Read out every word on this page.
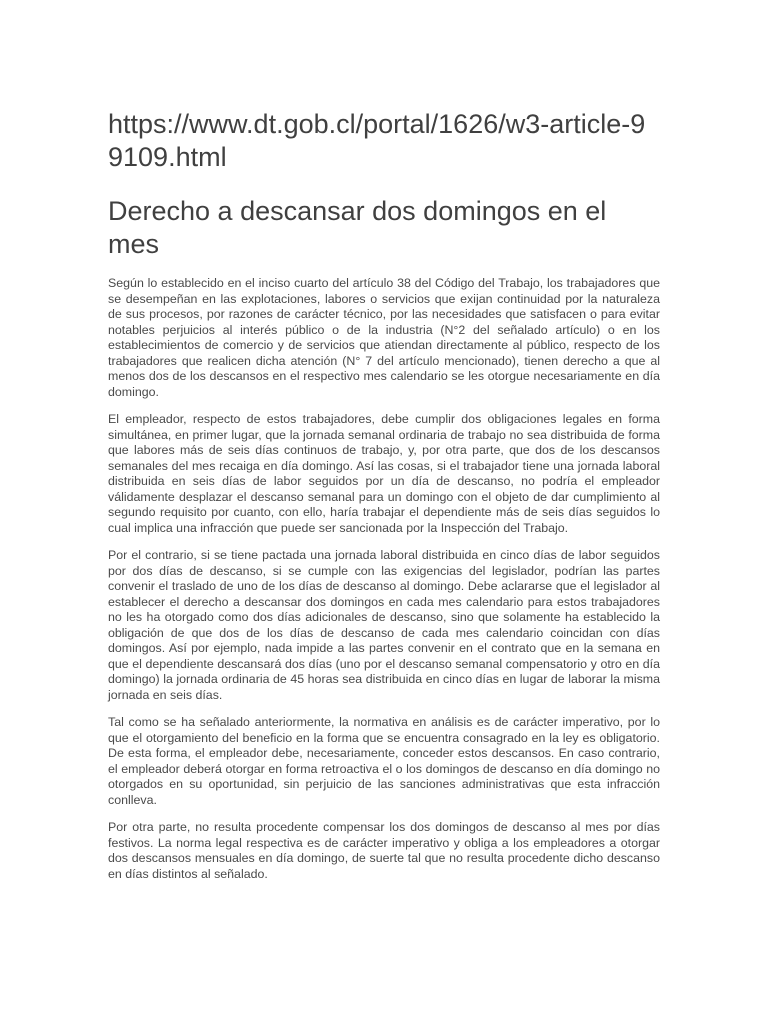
https://www.dt.gob.cl/portal/1626/w3-article-99109.html
Derecho a descansar dos domingos en el mes

Según lo establecido en el inciso cuarto del artículo 38 del Código del Trabajo, los trabajadores que se desempeñan en las explotaciones, labores o servicios que exijan continuidad por la naturaleza de sus procesos, por razones de carácter técnico, por las necesidades que satisfacen o para evitar notables perjuicios al interés público o de la industria (N°2 del señalado artículo) o en los establecimientos de comercio y de servicios que atiendan directamente al público, respecto de los trabajadores que realicen dicha atención (N° 7 del artículo mencionado), tienen derecho a que al menos dos de los descansos en el respectivo mes calendario se les otorgue necesariamente en día domingo.

El empleador, respecto de estos trabajadores, debe cumplir dos obligaciones legales en forma simultánea, en primer lugar, que la jornada semanal ordinaria de trabajo no sea distribuida de forma que labores más de seis días continuos de trabajo, y, por otra parte, que dos de los descansos semanales del mes recaiga en día domingo. Así las cosas, si el trabajador tiene una jornada laboral distribuida en seis días de labor seguidos por un día de descanso, no podría el empleador válidamente desplazar el descanso semanal para un domingo con el objeto de dar cumplimiento al segundo requisito por cuanto, con ello, haría trabajar el dependiente más de seis días seguidos lo cual implica una infracción que puede ser sancionada por la Inspección del Trabajo.

Por el contrario, si se tiene pactada una jornada laboral distribuida en cinco días de labor seguidos por dos días de descanso, si se cumple con las exigencias del legislador, podrían las partes convenir el traslado de uno de los días de descanso al domingo. Debe aclararse que el legislador al establecer el derecho a descansar dos domingos en cada mes calendario para estos trabajadores no les ha otorgado como dos días adicionales de descanso, sino que solamente ha establecido la obligación de que dos de los días de descanso de cada mes calendario coincidan con días domingos. Así por ejemplo, nada impide a las partes convenir en el contrato que en la semana en que el dependiente descansará dos días (uno por el descanso semanal compensatorio y otro en día domingo) la jornada ordinaria de 45 horas sea distribuida en cinco días en lugar de laborar la misma jornada en seis días.

Tal como se ha señalado anteriormente, la normativa en análisis es de carácter imperativo, por lo que el otorgamiento del beneficio en la forma que se encuentra consagrado en la ley es obligatorio. De esta forma, el empleador debe, necesariamente, conceder estos descansos. En caso contrario, el empleador deberá otorgar en forma retroactiva el o los domingos de descanso en día domingo no otorgados en su oportunidad, sin perjuicio de las sanciones administrativas que esta infracción conlleva.

Por otra parte, no resulta procedente compensar los dos domingos de descanso al mes por días festivos. La norma legal respectiva es de carácter imperativo y obliga a los empleadores a otorgar dos descansos mensuales en día domingo, de suerte tal que no resulta procedente dicho descanso en días distintos al señalado.
